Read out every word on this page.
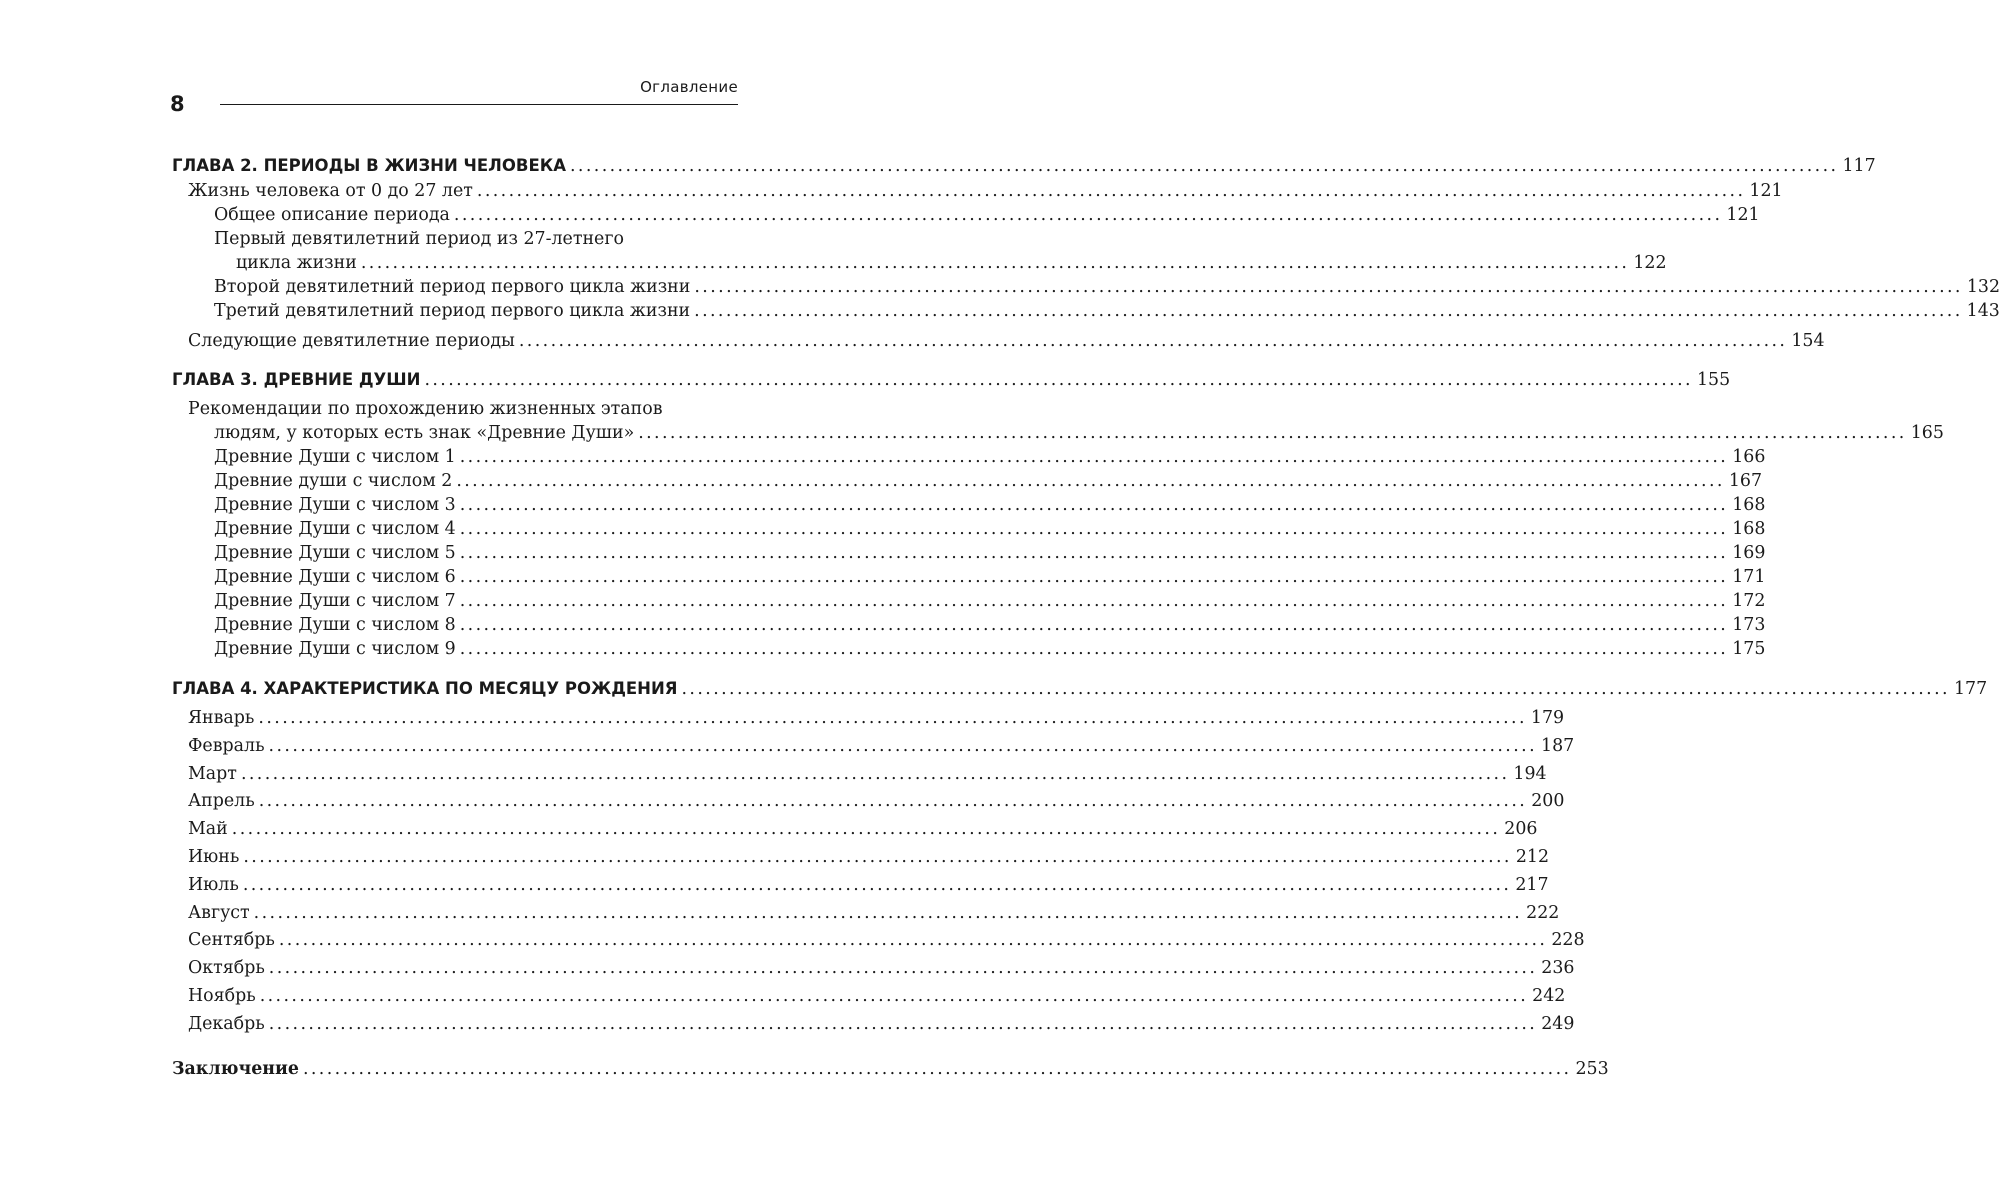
8
Оглавление
ГЛАВА 2. ПЕРИОДЫ В ЖИЗНИ ЧЕЛОВЕКА ................................................................................................................................................................ 117
Жизнь человека от 0 до 27 лет ................................................................................................................................................................ 121
Общее описание периода ................................................................................................................................................................ 121
Первый девятилетний период из 27-летнего
цикла жизни ................................................................................................................................................................ 122
Второй девятилетний период первого цикла жизни ................................................................................................................................................................ 132
Третий девятилетний период первого цикла жизни ................................................................................................................................................................ 143
Следующие девятилетние периоды ................................................................................................................................................................ 154
ГЛАВА 3. ДРЕВНИЕ ДУШИ ................................................................................................................................................................ 155
Рекомендации по прохождению жизненных этапов
людям, у которых есть знак «Древние Души» ................................................................................................................................................................ 165
Древние Души с числом 1 ................................................................................................................................................................ 166
Древние души с числом 2 ................................................................................................................................................................ 167
Древние Души с числом 3 ................................................................................................................................................................ 168
Древние Души с числом 4 ................................................................................................................................................................ 168
Древние Души с числом 5 ................................................................................................................................................................ 169
Древние Души с числом 6 ................................................................................................................................................................ 171
Древние Души с числом 7 ................................................................................................................................................................ 172
Древние Души с числом 8 ................................................................................................................................................................ 173
Древние Души с числом 9 ................................................................................................................................................................ 175
ГЛАВА 4. ХАРАКТЕРИСТИКА ПО МЕСЯЦУ РОЖДЕНИЯ ................................................................................................................................................................ 177
Январь ................................................................................................................................................................ 179
Февраль ................................................................................................................................................................ 187
Март ................................................................................................................................................................ 194
Апрель ................................................................................................................................................................ 200
Май ................................................................................................................................................................ 206
Июнь ................................................................................................................................................................ 212
Июль ................................................................................................................................................................ 217
Август ................................................................................................................................................................ 222
Сентябрь ................................................................................................................................................................ 228
Октябрь ................................................................................................................................................................ 236
Ноябрь ................................................................................................................................................................ 242
Декабрь ................................................................................................................................................................ 249
Заключение ................................................................................................................................................................ 253
